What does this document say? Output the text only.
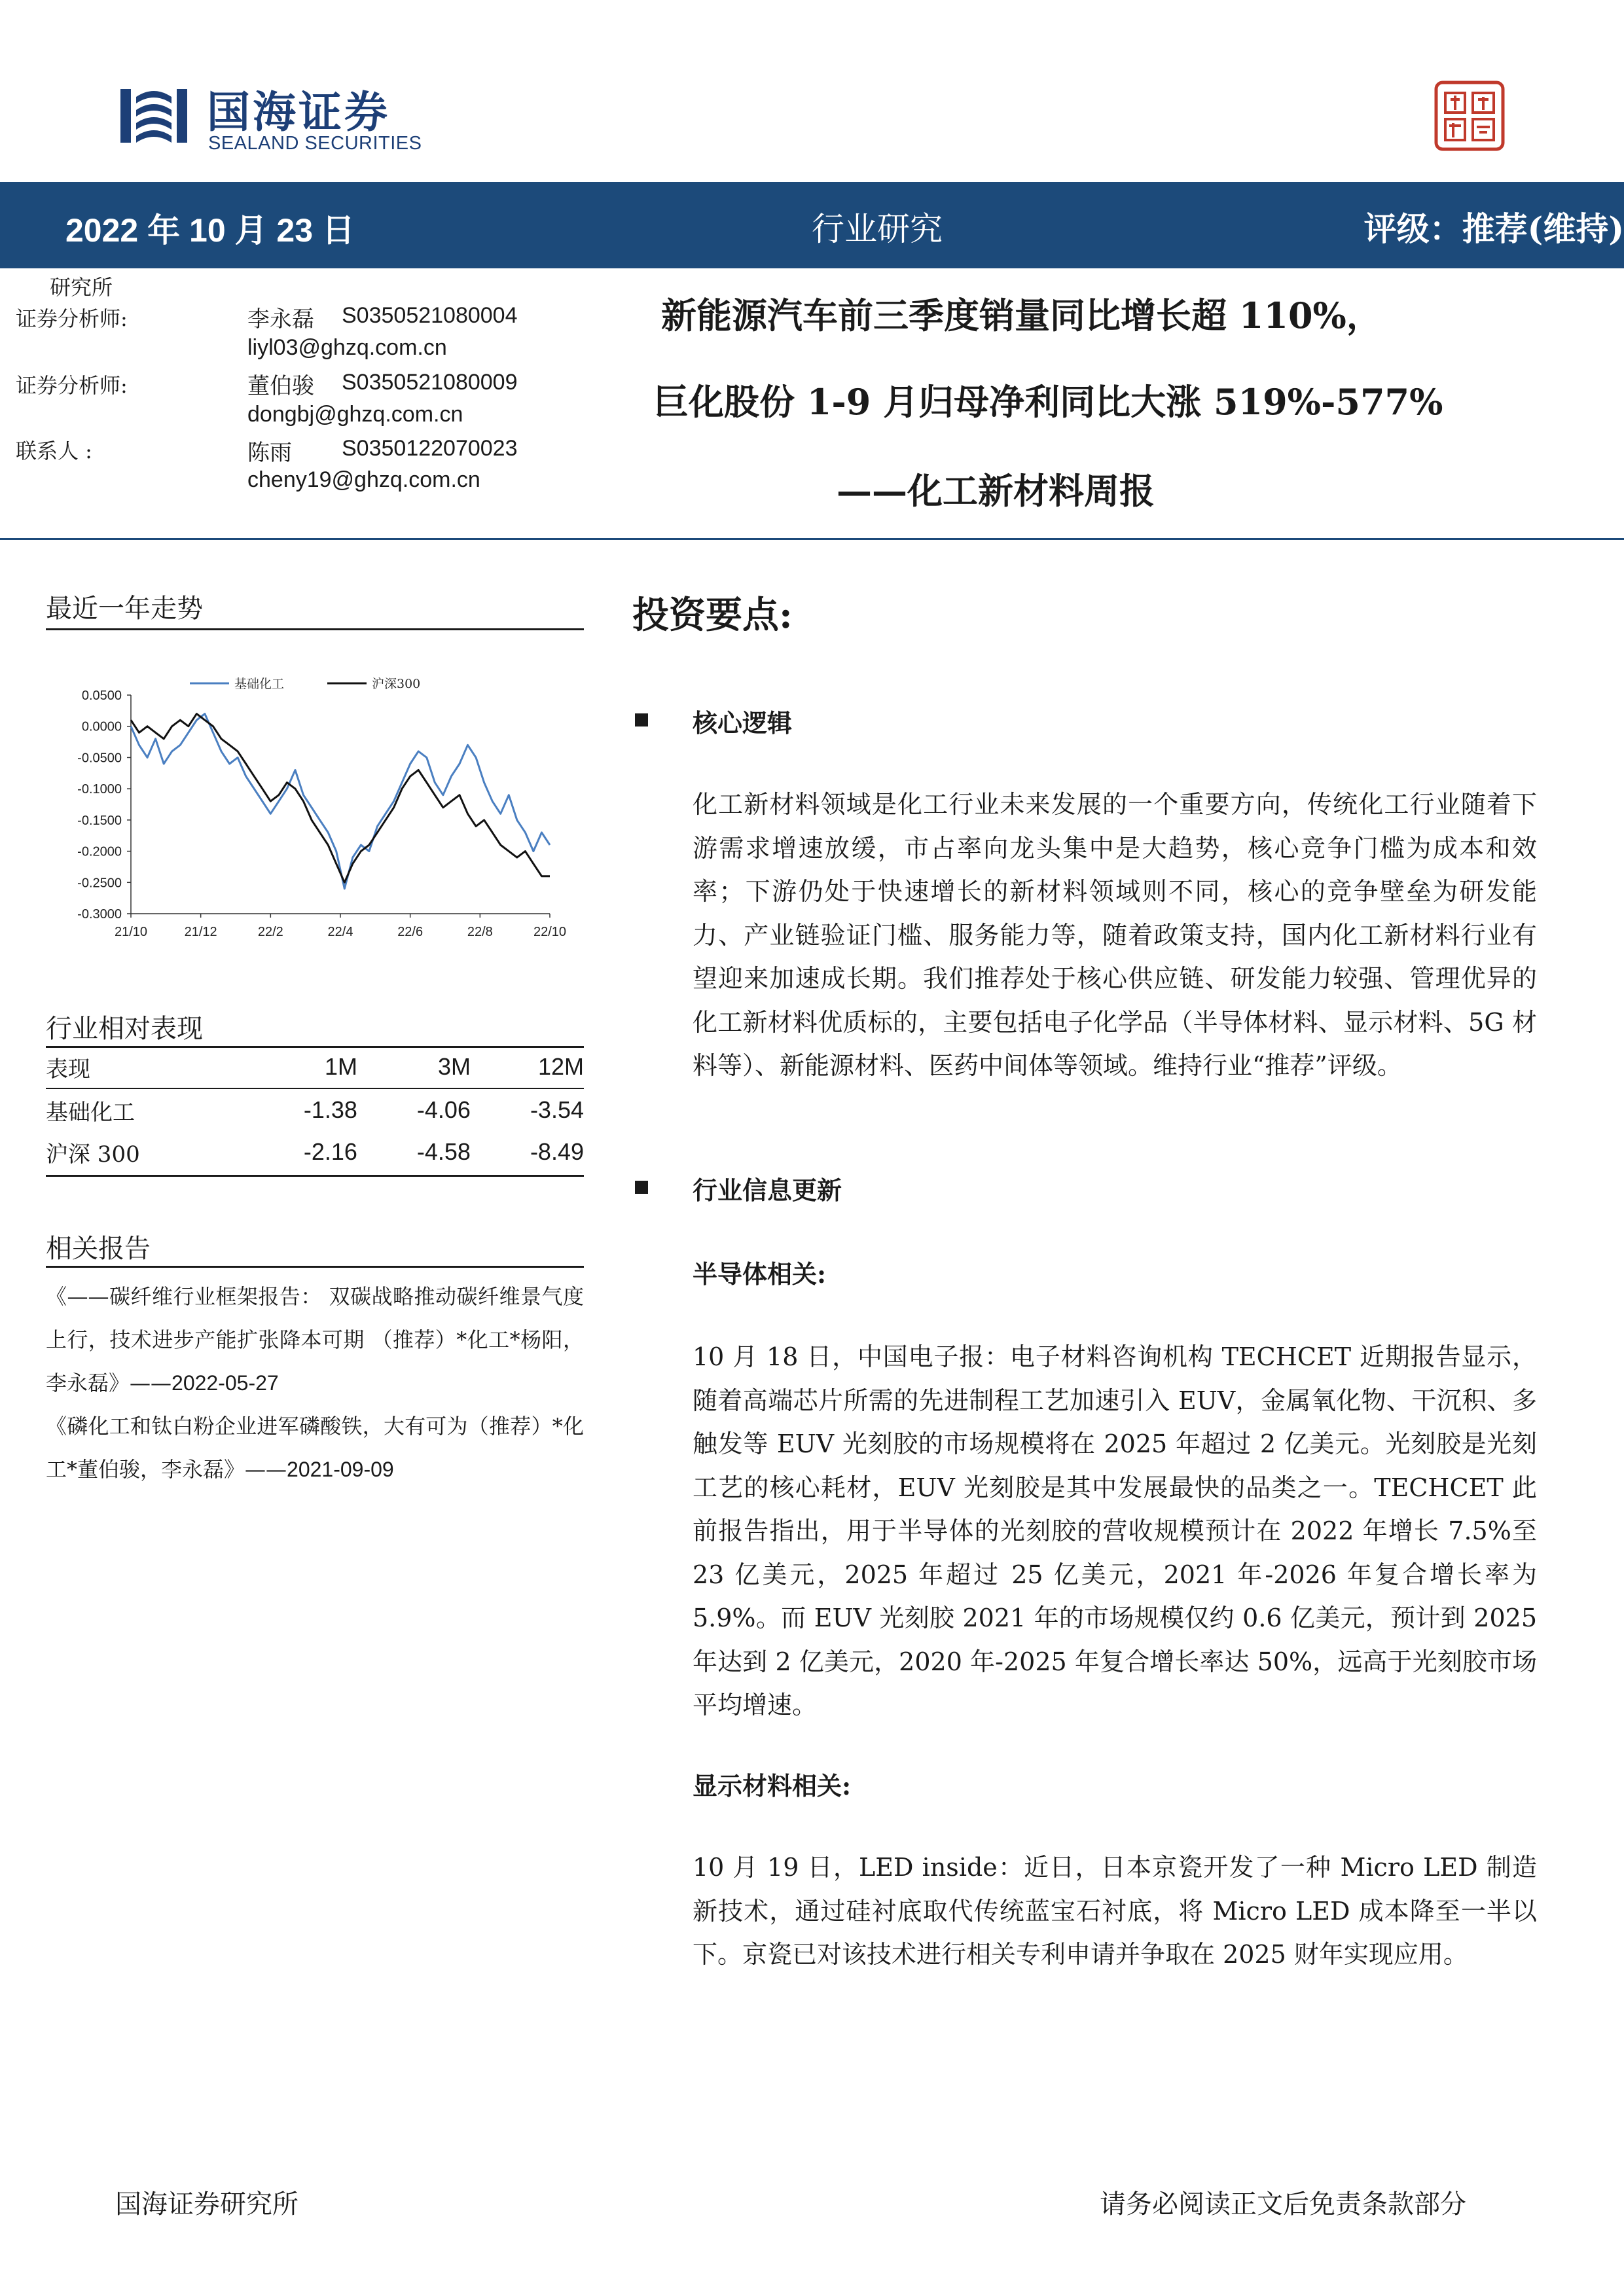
国海证券
SEALAND SECURITIES
2022 年 10 月 23 日	行业研究	评级：推荐(维持)
研究所
证券分析师:	李永磊 S0350521080004
liyl03@ghzq.com.cn
证券分析师:	董伯骏 S0350521080009
dongbj@ghzq.com.cn
联系人 :	陈雨 S0350122070023
cheny19@ghzq.com.cn
新能源汽车前三季度销量同比增长超 110%，
巨化股份 1-9 月归母净利同比大涨 519%-577%
——化工新材料周报
最近一年走势
0.0500
0.0000
-0.0500
-0.1000
-0.1500
-0.2000
-0.2500
-0.3000
21/10	21/12	22/2	22/4	22/6	22/8	22/10
基础化工	沪深300
行业相对表现
表现	1M	3M	12M
基础化工	-1.38	-4.06	-3.54
沪深 300	-2.16	-4.58	-8.49
相关报告
《——碳纤维行业框架报告： 双碳战略推动碳纤维景气度上行，技术进步产能扩张降本可期 （推荐）*化工*杨阳，李永磊》——2022-05-27
《磷化工和钛白粉企业进军磷酸铁，大有可为（推荐）*化工*董伯骏，李永磊》——2021-09-09
投资要点:
核心逻辑
化工新材料领域是化工行业未来发展的一个重要方向，传统化工行业随着下游需求增速放缓，市占率向龙头集中是大趋势，核心竞争门槛为成本和效率；下游仍处于快速增长的新材料领域则不同，核心的竞争壁垒为研发能力、产业链验证门槛、服务能力等，随着政策支持，国内化工新材料行业有望迎来加速成长期。我们推荐处于核心供应链、研发能力较强、管理优异的化工新材料优质标的，主要包括电子化学品（半导体材料、显示材料、5G 材料等）、新能源材料、医药中间体等领域。维持行业“推荐”评级。
行业信息更新
半导体相关:
10 月 18 日，中国电子报：电子材料咨询机构 TECHCET 近期报告显示，随着高端芯片所需的先进制程工艺加速引入 EUV，金属氧化物、干沉积、多触发等 EUV 光刻胶的市场规模将在 2025 年超过 2 亿美元。光刻胶是光刻工艺的核心耗材，EUV 光刻胶是其中发展最快的品类之一。TECHCET 此前报告指出，用于半导体的光刻胶的营收规模预计在 2022 年增长 7.5%至 23 亿美元，2025 年超过 25 亿美元，2021 年-2026 年复合增长率为 5.9%。而 EUV 光刻胶 2021 年的市场规模仅约 0.6 亿美元，预计到 2025 年达到 2 亿美元，2020 年-2025 年复合增长率达 50%，远高于光刻胶市场平均增速。
显示材料相关:
10 月 19 日，LED inside：近日，日本京瓷开发了一种 Micro LED 制造新技术，通过硅衬底取代传统蓝宝石衬底，将 Micro LED 成本降至一半以下。京瓷已对该技术进行相关专利申请并争取在 2025 财年实现应用。
国海证券研究所	请务必阅读正文后免责条款部分
